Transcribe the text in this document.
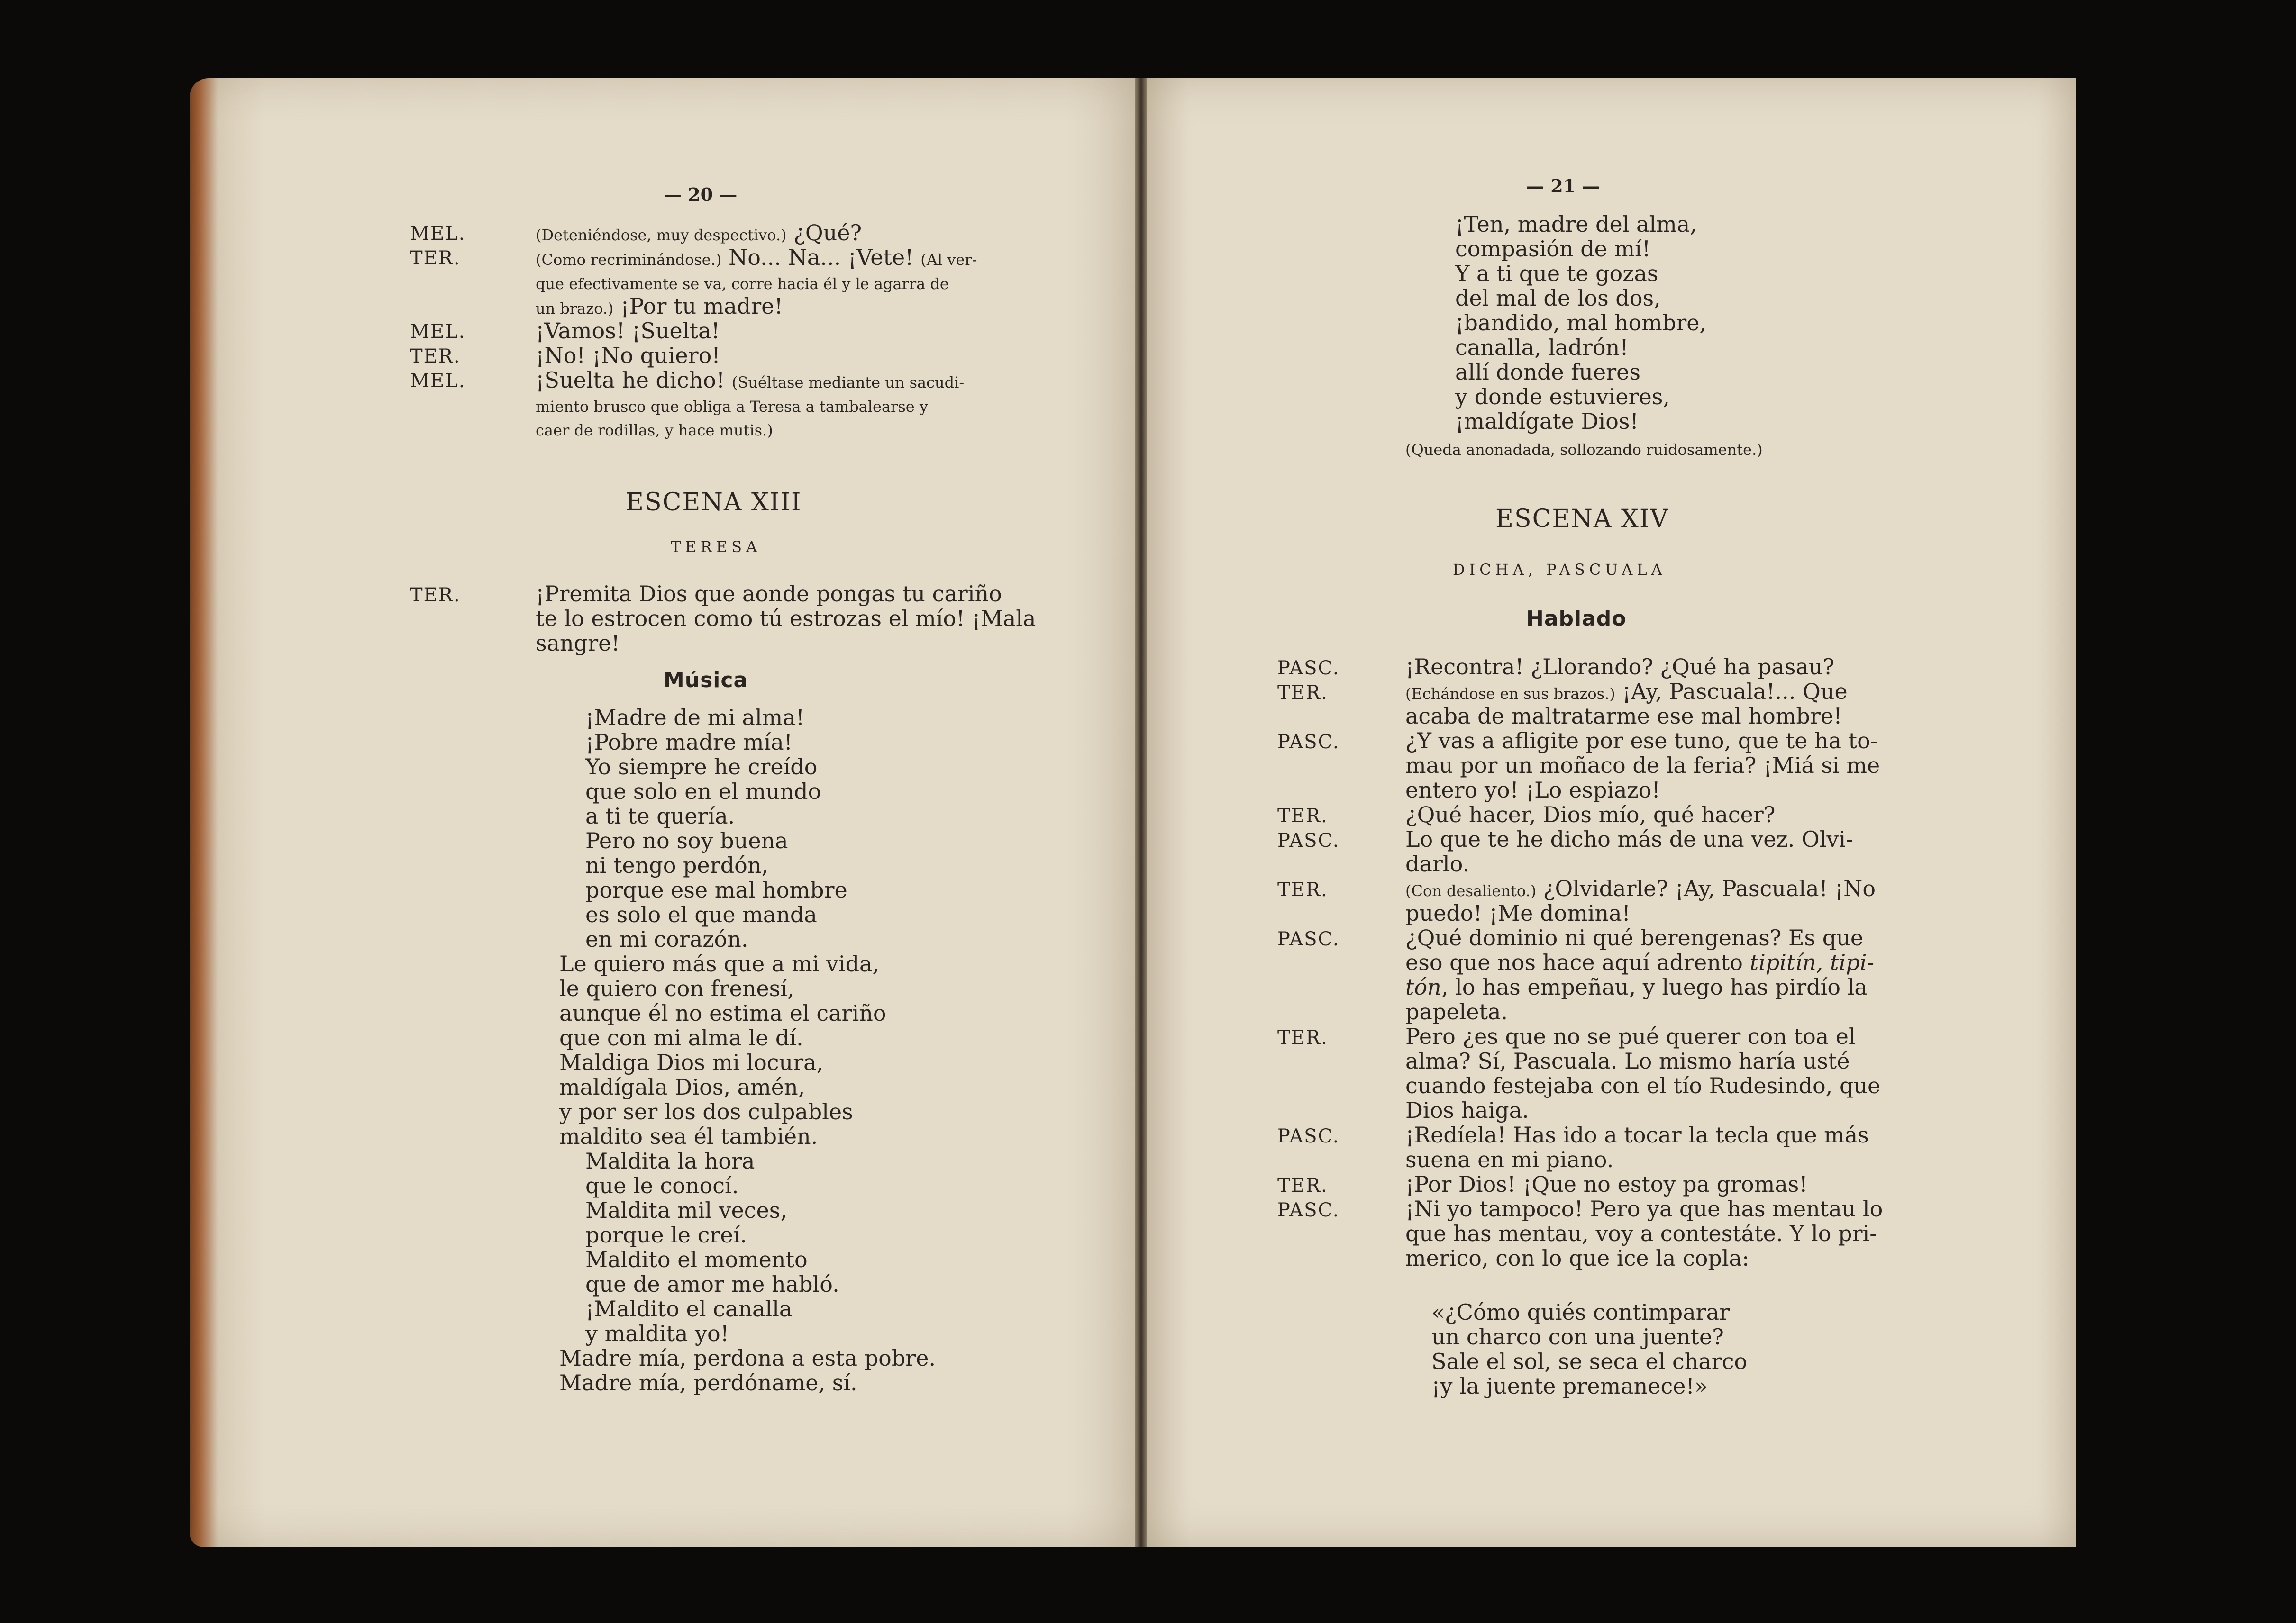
— 20 —
MEL.	(Deteniéndose, muy despectivo.) ¿Qué?
TER.	(Como recriminándose.) No... Na... ¡Vete! (Al ver-
que efectivamente se va, corre hacia él y le agarra de
un brazo.) ¡Por tu madre!
MEL.	¡Vamos! ¡Suelta!
TER.	¡No! ¡No quiero!
MEL.	¡Suelta he dicho! (Suéltase mediante un sacudi-
miento brusco que obliga a Teresa a tambalearse y
caer de rodillas, y hace mutis.)
ESCENA XIII
TERESA
TER.	¡Premita Dios que aonde pongas tu cariño
te lo estrocen como tú estrozas el mío! ¡Mala
sangre!
Música
¡Madre de mi alma!
¡Pobre madre mía!
Yo siempre he creído
que solo en el mundo
a ti te quería.
Pero no soy buena
ni tengo perdón,
porque ese mal hombre
es solo el que manda
en mi corazón.
Le quiero más que a mi vida,
le quiero con frenesí,
aunque él no estima el cariño
que con mi alma le dí.
Maldiga Dios mi locura,
maldígala Dios, amén,
y por ser los dos culpables
maldito sea él también.
Maldita la hora
que le conocí.
Maldita mil veces,
porque le creí.
Maldito el momento
que de amor me habló.
¡Maldito el canalla
y maldita yo!
Madre mía, perdona a esta pobre.
Madre mía, perdóname, sí.
— 21 —
¡Ten, madre del alma,
compasión de mí!
Y a ti que te gozas
del mal de los dos,
¡bandido, mal hombre,
canalla, ladrón!
allí donde fueres
y donde estuvieres,
¡maldígate Dios!
(Queda anonadada, sollozando ruidosamente.)
ESCENA XIV
DICHA, PASCUALA
Hablado
PASC.	¡Recontra! ¿Llorando? ¿Qué ha pasau?
TER.	(Echándose en sus brazos.) ¡Ay, Pascuala!... Que
acaba de maltratarme ese mal hombre!
PASC.	¿Y vas a afligite por ese tuno, que te ha to-
mau por un moñaco de la feria? ¡Miá si me
entero yo! ¡Lo espiazo!
TER.	¿Qué hacer, Dios mío, qué hacer?
PASC.	Lo que te he dicho más de una vez. Olvi-
darlo.
TER.	(Con desaliento.) ¿Olvidarle? ¡Ay, Pascuala! ¡No
puedo! ¡Me domina!
PASC.	¿Qué dominio ni qué berengenas? Es que
eso que nos hace aquí adrento tipitín, tipi-
tón, lo has empeñau, y luego has pirdío la
papeleta.
TER.	Pero ¿es que no se pué querer con toa el
alma? Sí, Pascuala. Lo mismo haría usté
cuando festejaba con el tío Rudesindo, que
Dios haiga.
PASC.	¡Redíela! Has ido a tocar la tecla que más
suena en mi piano.
TER.	¡Por Dios! ¡Que no estoy pa gromas!
PASC.	¡Ni yo tampoco! Pero ya que has mentau lo
que has mentau, voy a contestáte. Y lo pri-
merico, con lo que ice la copla:
«¿Cómo quiés contimparar
un charco con una juente?
Sale el sol, se seca el charco
¡y la juente premanece!»
